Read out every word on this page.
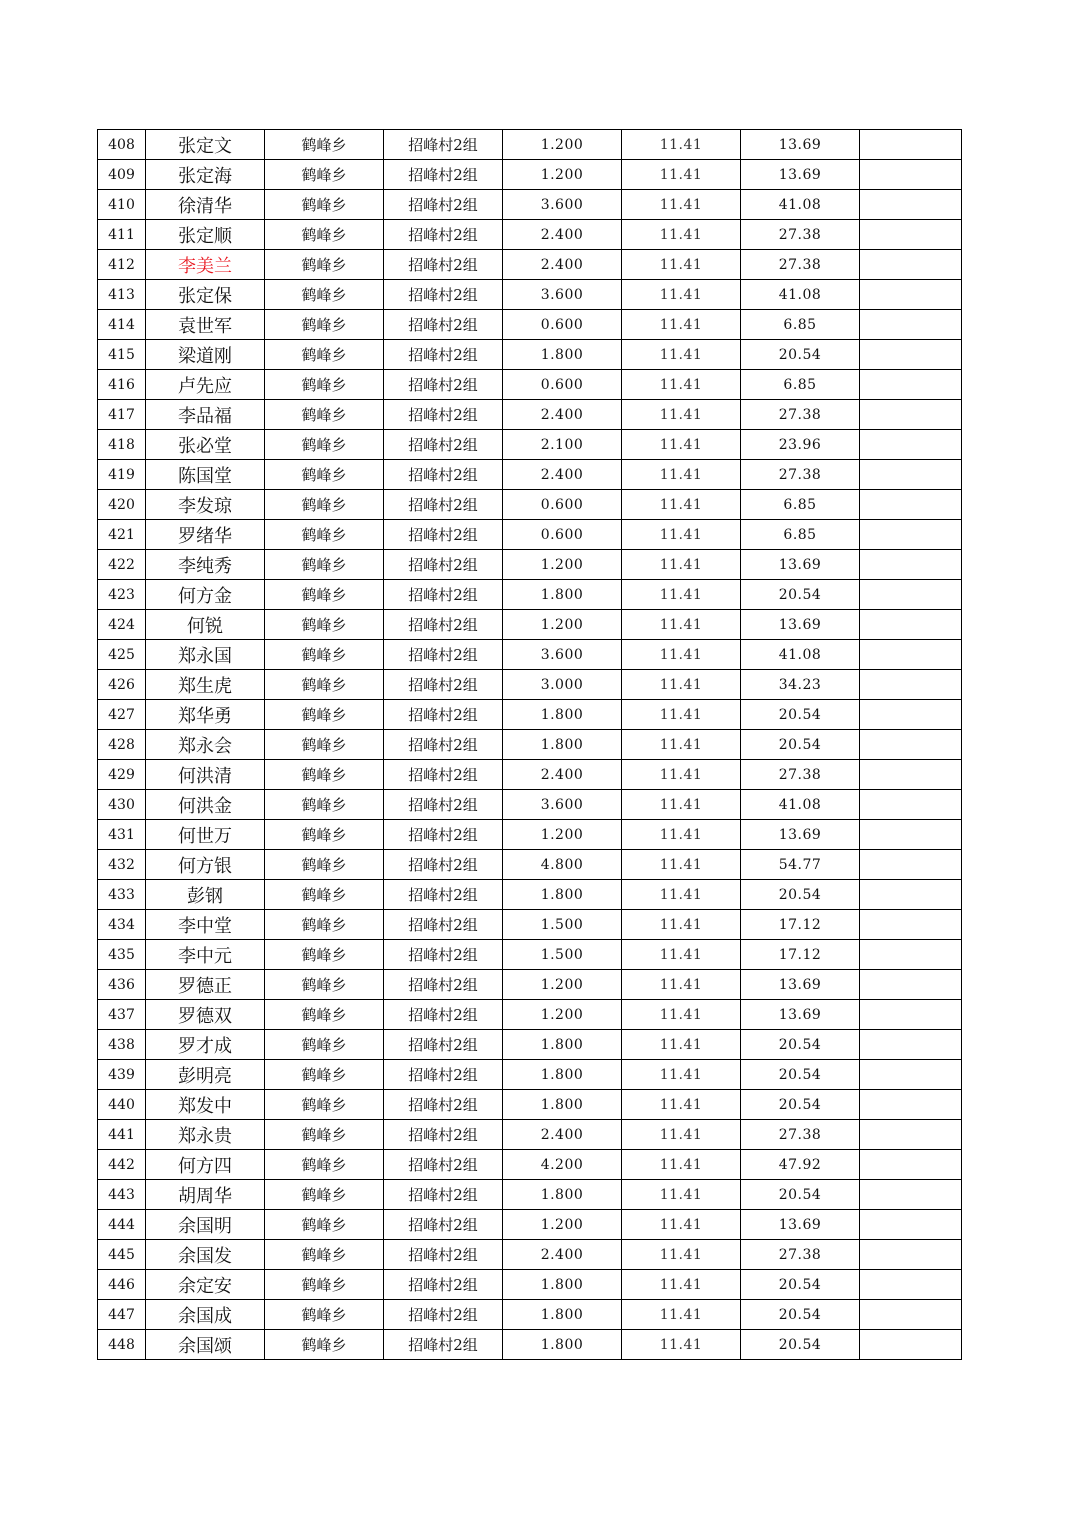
408	张定文	鹤峰乡	招峰村2组	1.200	11.41	13.69	
409	张定海	鹤峰乡	招峰村2组	1.200	11.41	13.69	
410	徐清华	鹤峰乡	招峰村2组	3.600	11.41	41.08	
411	张定顺	鹤峰乡	招峰村2组	2.400	11.41	27.38	
412	李美兰	鹤峰乡	招峰村2组	2.400	11.41	27.38	
413	张定保	鹤峰乡	招峰村2组	3.600	11.41	41.08	
414	袁世军	鹤峰乡	招峰村2组	0.600	11.41	6.85	
415	梁道刚	鹤峰乡	招峰村2组	1.800	11.41	20.54	
416	卢先应	鹤峰乡	招峰村2组	0.600	11.41	6.85	
417	李品福	鹤峰乡	招峰村2组	2.400	11.41	27.38	
418	张必堂	鹤峰乡	招峰村2组	2.100	11.41	23.96	
419	陈国堂	鹤峰乡	招峰村2组	2.400	11.41	27.38	
420	李发琼	鹤峰乡	招峰村2组	0.600	11.41	6.85	
421	罗绪华	鹤峰乡	招峰村2组	0.600	11.41	6.85	
422	李纯秀	鹤峰乡	招峰村2组	1.200	11.41	13.69	
423	何方金	鹤峰乡	招峰村2组	1.800	11.41	20.54	
424	何锐	鹤峰乡	招峰村2组	1.200	11.41	13.69	
425	郑永国	鹤峰乡	招峰村2组	3.600	11.41	41.08	
426	郑生虎	鹤峰乡	招峰村2组	3.000	11.41	34.23	
427	郑华勇	鹤峰乡	招峰村2组	1.800	11.41	20.54	
428	郑永会	鹤峰乡	招峰村2组	1.800	11.41	20.54	
429	何洪清	鹤峰乡	招峰村2组	2.400	11.41	27.38	
430	何洪金	鹤峰乡	招峰村2组	3.600	11.41	41.08	
431	何世万	鹤峰乡	招峰村2组	1.200	11.41	13.69	
432	何方银	鹤峰乡	招峰村2组	4.800	11.41	54.77	
433	彭钢	鹤峰乡	招峰村2组	1.800	11.41	20.54	
434	李中堂	鹤峰乡	招峰村2组	1.500	11.41	17.12	
435	李中元	鹤峰乡	招峰村2组	1.500	11.41	17.12	
436	罗德正	鹤峰乡	招峰村2组	1.200	11.41	13.69	
437	罗德双	鹤峰乡	招峰村2组	1.200	11.41	13.69	
438	罗才成	鹤峰乡	招峰村2组	1.800	11.41	20.54	
439	彭明亮	鹤峰乡	招峰村2组	1.800	11.41	20.54	
440	郑发中	鹤峰乡	招峰村2组	1.800	11.41	20.54	
441	郑永贵	鹤峰乡	招峰村2组	2.400	11.41	27.38	
442	何方四	鹤峰乡	招峰村2组	4.200	11.41	47.92	
443	胡周华	鹤峰乡	招峰村2组	1.800	11.41	20.54	
444	余国明	鹤峰乡	招峰村2组	1.200	11.41	13.69	
445	余国发	鹤峰乡	招峰村2组	2.400	11.41	27.38	
446	余定安	鹤峰乡	招峰村2组	1.800	11.41	20.54	
447	余国成	鹤峰乡	招峰村2组	1.800	11.41	20.54	
448	余国颂	鹤峰乡	招峰村2组	1.800	11.41	20.54	
